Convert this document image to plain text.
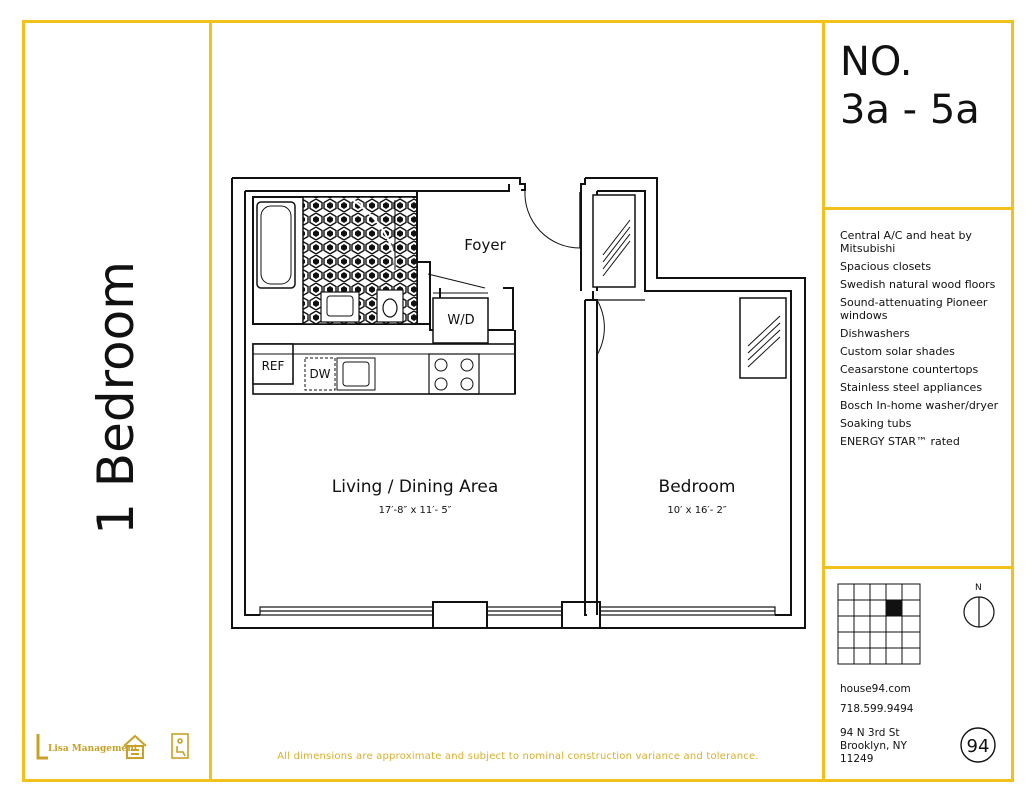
1 Bedroom
NO.
3a - 5a
Central A/C and heat by Mitsubishi
Spacious closets
Swedish natural wood floors
Sound-attenuating Pioneer windows
Dishwashers
Custom solar shades
Ceasarstone countertops
Stainless steel appliances
Bosch In-home washer/dryer
Soaking tubs
ENERGY STAR™ rated
N
house94.com
718.599.9494
94 N 3rd St
Brooklyn, NY
11249
94
All dimensions are approximate and subject to nominal construction variance and tolerance.
Lisa Management
W/D
Foyer
REF
DW
Living / Dining Area
17′-8″ x 11′- 5″
Bedroom
10′ x 16′- 2″
